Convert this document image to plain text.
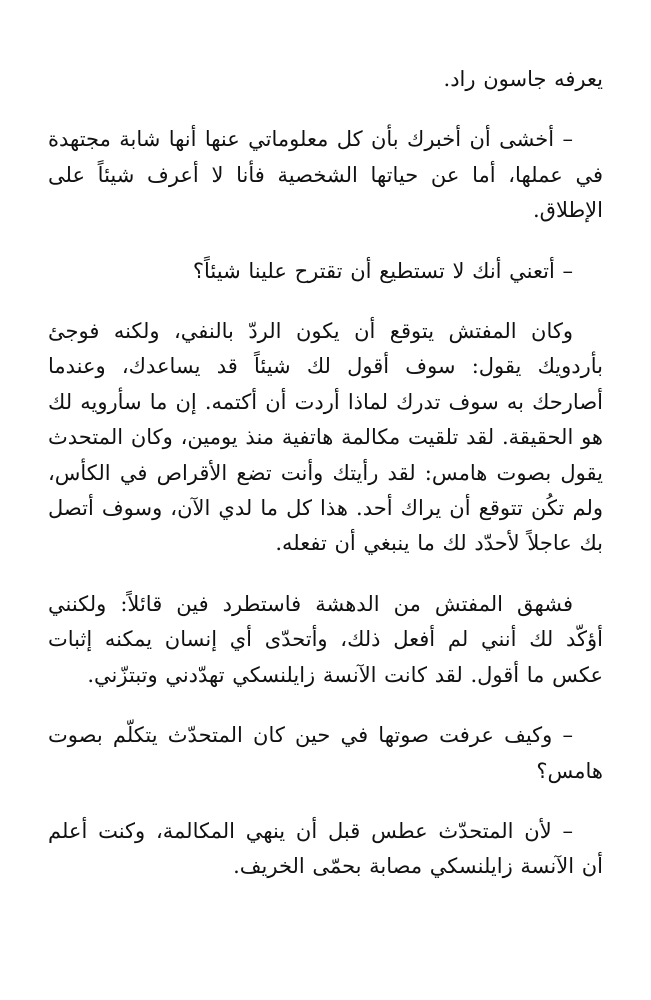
يعرفه جاسون راد.

– أخشى أن أخبرك بأن كل معلوماتي عنها أنها شابة مجتهدة في عملها، أما عن حياتها الشخصية فأنا لا أعرف شيئاً على الإطلاق.

– أتعني أنك لا تستطيع أن تقترح علينا شيئاً؟

وكان المفتش يتوقع أن يكون الردّ بالنفي، ولكنه فوجئ بأردويك يقول: سوف أقول لك شيئاً قد يساعدك، وعندما أصارحك به سوف تدرك لماذا أردت أن أكتمه. إن ما سأرويه لك هو الحقيقة. لقد تلقيت مكالمة هاتفية منذ يومين، وكان المتحدث يقول بصوت هامس: لقد رأيتك وأنت تضع الأقراص في الكأس، ولم تكُن تتوقع أن يراك أحد. هذا كل ما لدي الآن، وسوف أتصل بك عاجلاً لأحدّد لك ما ينبغي أن تفعله.

فشهق المفتش من الدهشة فاستطرد فين قائلاً: ولكنني أؤكّد لك أنني لم أفعل ذلك، وأتحدّى أي إنسان يمكنه إثبات عكس ما أقول. لقد كانت الآنسة زايلنسكي تهدّدني وتبتزّني.

– وكيف عرفت صوتها في حين كان المتحدّث يتكلّم بصوت هامس؟

– لأن المتحدّث عطس قبل أن ينهي المكالمة، وكنت أعلم أن الآنسة زايلنسكي مصابة بحمّى الخريف.
